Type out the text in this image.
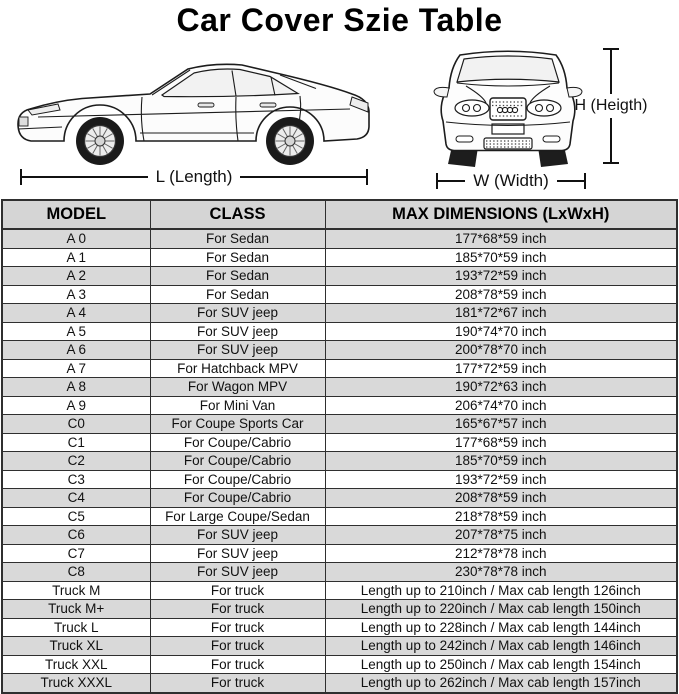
Car Cover Szie Table
L (Length)	W (Width)
H (Heigth)
MODEL	CLASS	MAX DIMENSIONS (LxWxH)
A 0	For Sedan	177*68*59 inch
A 1	For Sedan	185*70*59 inch
A 2	For Sedan	193*72*59 inch
A 3	For Sedan	208*78*59 inch
A 4	For SUV jeep	181*72*67 inch
A 5	For SUV jeep	190*74*70 inch
A 6	For SUV jeep	200*78*70 inch
A 7	For Hatchback MPV	177*72*59 inch
A 8	For Wagon MPV	190*72*63 inch
A 9	For Mini Van	206*74*70 inch
C0	For Coupe Sports Car	165*67*57 inch
C1	For Coupe/Cabrio	177*68*59 inch
C2	For Coupe/Cabrio	185*70*59 inch
C3	For Coupe/Cabrio	193*72*59 inch
C4	For Coupe/Cabrio	208*78*59 inch
C5	For Large Coupe/Sedan	218*78*59 inch
C6	For SUV jeep	207*78*75 inch
C7	For SUV jeep	212*78*78 inch
C8	For SUV jeep	230*78*78 inch
Truck M	For truck	Length up to 210inch / Max cab length 126inch
Truck M+	For truck	Length up to 220inch / Max cab length 150inch
Truck L	For truck	Length up to 228inch / Max cab length 144inch
Truck XL	For truck	Length up to 242inch / Max cab length 146inch
Truck XXL	For truck	Length up to 250inch / Max cab length 154inch
Truck XXXL	For truck	Length up to 262inch / Max cab length 157inch
